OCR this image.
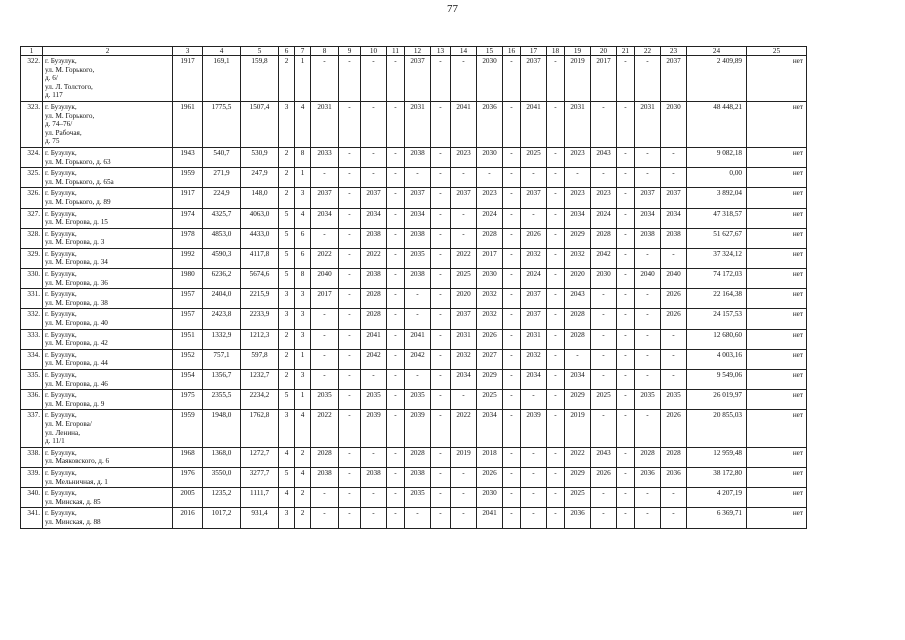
77
1	2	3	4	5	6	7	8	9	10	11	12	13	14	15	16	17	18	19	20	21	22	23	24	25
322.	г. Бузулук,
ул. М. Горького,
д. 6/
ул. Л. Толстого,
д. 117	1917	169,1	159,8	2	1	-	-	-	-	2037	-	-	2030	-	2037	-	2019	2017	-	-	2037	2 409,89	нет
323.	г. Бузулук,
ул. М. Горького,
д. 74–76/
ул. Рабочая,
д. 75	1961	1775,5	1507,4	3	4	2031	-	-	-	2031	-	2041	2036	-	2041	-	2031	-	-	2031	2030	48 448,21	нет
324.	г. Бузулук,
ул. М. Горького, д. 63	1943	540,7	530,9	2	8	2033	-	-	-	2038	-	2023	2030	-	2025	-	2023	2043	-	-	-	9 082,18	нет
325.	г. Бузулук,
ул. М. Горького, д. 65а	1959	271,9	247,9	2	1	-	-	-	-	-	-	-	-	-	-	-	-	-	-	-	-	0,00	нет
326.	г. Бузулук,
ул. М. Горького, д. 89	1917	224,9	148,0	2	3	2037	-	2037	-	2037	-	2037	2023	-	2037	-	2023	2023	-	2037	2037	3 892,04	нет
327.	г. Бузулук,
ул. М. Егорова, д. 15	1974	4325,7	4063,0	5	4	2034	-	2034	-	2034	-	-	2024	-	-	-	2034	2024	-	2034	2034	47 318,57	нет
328.	г. Бузулук,
ул. М. Егорова, д. 3	1978	4853,0	4433,0	5	6	-	-	2038	-	2038	-	-	2028	-	2026	-	2029	2028	-	2038	2038	51 627,67	нет
329.	г. Бузулук,
ул. М. Егорова, д. 34	1992	4590,3	4117,8	5	6	2022	-	2022	-	2035	-	2022	2017	-	2032	-	2032	2042	-	-	-	37 324,12	нет
330.	г. Бузулук,
ул. М. Егорова, д. 36	1980	6236,2	5674,6	5	8	2040	-	2038	-	2038	-	2025	2030	-	2024	-	2020	2030	-	2040	2040	74 172,03	нет
331.	г. Бузулук,
ул. М. Егорова, д. 38	1957	2404,0	2215,9	3	3	2017	-	2028	-	-	-	2020	2032	-	2037	-	2043	-	-	-	2026	22 164,38	нет
332.	г. Бузулук,
ул. М. Егорова, д. 40	1957	2423,8	2233,9	3	3	-	-	2028	-	-	-	2037	2032	-	2037	-	2028	-	-	-	2026	24 157,53	нет
333.	г. Бузулук,
ул. М. Егорова, д. 42	1951	1332,9	1212,3	2	3	-	-	2041	-	2041	-	2031	2026	-	2031	-	2028	-	-	-	-	12 680,60	нет
334.	г. Бузулук,
ул. М. Егорова, д. 44	1952	757,1	597,8	2	1	-	-	2042	-	2042	-	2032	2027	-	2032	-	-	-	-	-	-	4 003,16	нет
335.	г. Бузулук,
ул. М. Егорова, д. 46	1954	1356,7	1232,7	2	3	-	-	-	-	-	-	2034	2029	-	2034	-	2034	-	-	-	-	9 549,06	нет
336.	г. Бузулук,
ул. М. Егорова, д. 9	1975	2355,5	2234,2	5	1	2035	-	2035	-	2035	-	-	2025	-	-	-	2029	2025	-	2035	2035	26 019,97	нет
337.	г. Бузулук,
ул. М. Егорова/
ул. Ленина,
д. 11/1	1959	1948,0	1762,8	3	4	2022	-	2039	-	2039	-	2022	2034	-	2039	-	2019	-	-	-	2026	20 855,03	нет
338.	г. Бузулук,
ул. Маяковского, д. 6	1968	1368,0	1272,7	4	2	2028	-	-	-	2028	-	2019	2018	-	-	-	2022	2043	-	2028	2028	12 959,48	нет
339.	г. Бузулук,
ул. Мельничная, д. 1	1976	3550,0	3277,7	5	4	2038	-	2038	-	2038	-	-	2026	-	-	-	2029	2026	-	2036	2036	38 172,80	нет
340.	г. Бузулук,
ул. Минская, д. 85	2005	1235,2	1111,7	4	2	-	-	-	-	2035	-	-	2030	-	-	-	2025	-	-	-	-	4 207,19	нет
341.	г. Бузулук,
ул. Минская, д. 88	2016	1017,2	931,4	3	2	-	-	-	-	-	-	-	2041	-	-	-	2036	-	-	-	-	6 369,71	нет
